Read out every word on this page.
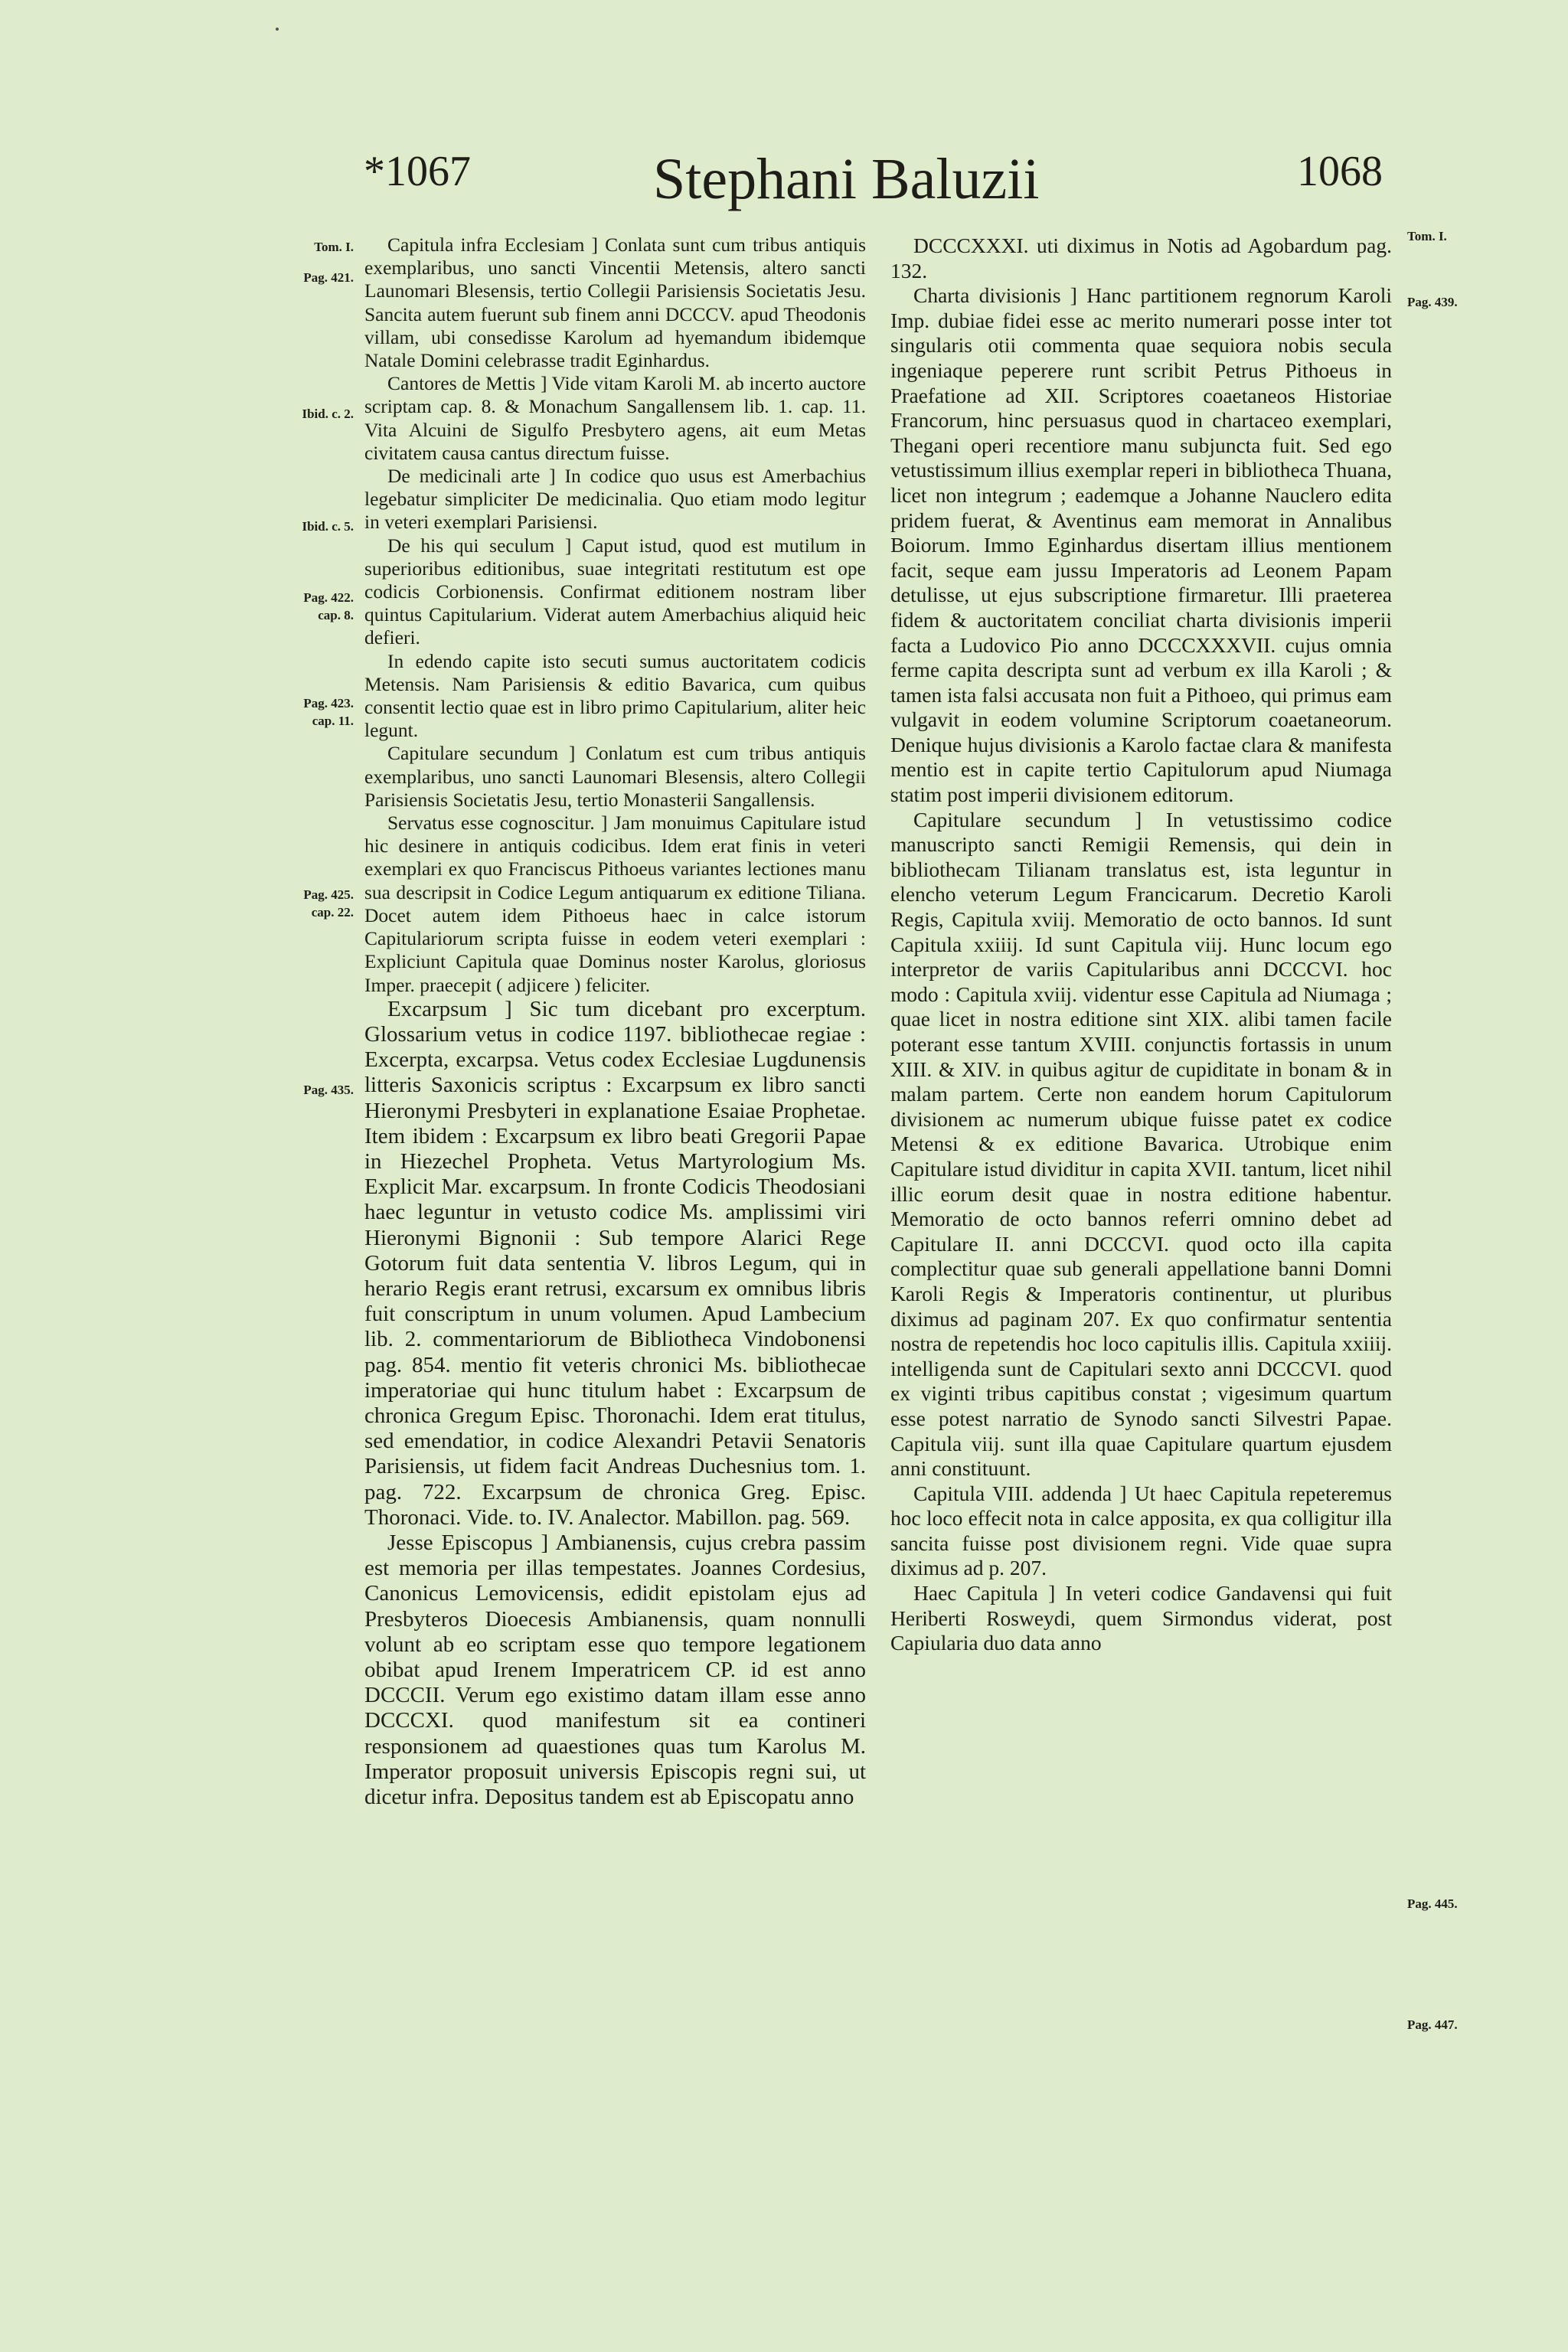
*1067	Stephani Baluzii	1068
Tom. I.
Pag. 421.
Ibid. c. 2.
Ibid. c. 5.
Pag. 422.
cap. 8.
Pag. 423.
cap. 11.
Pag. 425.
cap. 22.
Pag. 435.
Tom. I.
Pag. 439.
Pag. 445.
Pag. 447.

Capitula infra Ecclesiam ] Conlata sunt cum tribus antiquis exemplaribus, uno sancti Vincentii Metensis, altero sancti Launomari Blesensis, tertio Collegii Parisiensis Societatis Jesu. Sancita autem fuerunt sub finem anni DCCCV. apud Theodonis villam, ubi consedisse Karolum ad hyemandum ibidemque Natale Domini celebrasse tradit Eginhardus.

Cantores de Mettis ] Vide vitam Karoli M. ab incerto auctore scriptam cap. 8. & Monachum Sangallensem lib. 1. cap. 11. Vita Alcuini de Sigulfo Presbytero agens, ait eum Metas civitatem causa cantus directum fuisse.

De medicinali arte ] In codice quo usus est Amerbachius legebatur simpliciter De medicinalia. Quo etiam modo legitur in veteri exemplari Parisiensi.

De his qui seculum ] Caput istud, quod est mutilum in superioribus editionibus, suae integritati restitutum est ope codicis Corbionensis. Confirmat editionem nostram liber quintus Capitularium. Viderat autem Amerbachius aliquid heic defieri.

In edendo capite isto secuti sumus auctoritatem codicis Metensis. Nam Parisiensis & editio Bavarica, cum quibus consentit lectio quae est in libro primo Capitularium, aliter heic legunt.

Capitulare secundum ] Conlatum est cum tribus antiquis exemplaribus, uno sancti Launomari Blesensis, altero Collegii Parisiensis Societatis Jesu, tertio Monasterii Sangallensis.

Servatus esse cognoscitur. ] Jam monuimus Capitulare istud hic desinere in antiquis codicibus. Idem erat finis in veteri exemplari ex quo Franciscus Pithoeus variantes lectiones manu sua descripsit in Codice Legum antiquarum ex editione Tiliana. Docet autem idem Pithoeus haec in calce istorum Capitulariorum scripta fuisse in eodem veteri exemplari : Expliciunt Capitula quae Dominus noster Karolus, gloriosus Imper. praecepit ( adjicere ) feliciter.

Excarpsum ] Sic tum dicebant pro excerptum. Glossarium vetus in codice 1197. bibliothecae regiae : Excerpta, excarpsa. Vetus codex Ecclesiae Lugdunensis litteris Saxonicis scriptus : Excarpsum ex libro sancti Hieronymi Presbyteri in explanatione Esaiae Prophetae. Item ibidem : Excarpsum ex libro beati Gregorii Papae in Hiezechel Propheta. Vetus Martyrologium Ms. Explicit Mar. excarpsum. In fronte Codicis Theodosiani haec leguntur in vetusto codice Ms. amplissimi viri Hieronymi Bignonii : Sub tempore Alarici Rege Gotorum fuit data sententia V. libros Legum, qui in herario Regis erant retrusi, excarsum ex omnibus libris fuit conscriptum in unum volumen. Apud Lambecium lib. 2. commentariorum de Bibliotheca Vindobonensi pag. 854. mentio fit veteris chronici Ms. bibliothecae imperatoriae qui hunc titulum habet : Excarpsum de chronica Gregum Episc. Thoronachi. Idem erat titulus, sed emendatior, in codice Alexandri Petavii Senatoris Parisiensis, ut fidem facit Andreas Duchesnius tom. 1. pag. 722. Excarpsum de chronica Greg. Episc. Thoronaci. Vide. to. IV. Analector. Mabillon. pag. 569.

Jesse Episcopus ] Ambianensis, cujus crebra passim est memoria per illas tempestates. Joannes Cordesius, Canonicus Lemovicensis, edidit epistolam ejus ad Presbyteros Dioecesis Ambianensis, quam nonnulli volunt ab eo scriptam esse quo tempore legationem obibat apud Irenem Imperatricem CP. id est anno DCCCII. Verum ego existimo datam illam esse anno DCCCXI. quod manifestum sit ea contineri responsionem ad quaestiones quas tum Karolus M. Imperator proposuit universis Episcopis regni sui, ut dicetur infra. Depositus tandem est ab Episcopatu anno

DCCCXXXI. uti diximus in Notis ad Agobardum pag. 132.

Charta divisionis ] Hanc partitionem regnorum Karoli Imp. dubiae fidei esse ac merito numerari posse inter tot singularis otii commenta quae sequiora nobis secula ingeniaque peperere runt scribit Petrus Pithoeus in Praefatione ad XII. Scriptores coaetaneos Historiae Francorum, hinc persuasus quod in chartaceo exemplari, Thegani operi recentiore manu subjuncta fuit. Sed ego vetustissimum illius exemplar reperi in bibliotheca Thuana, licet non integrum ; eademque a Johanne Nauclero edita pridem fuerat, & Aventinus eam memorat in Annalibus Boiorum. Immo Eginhardus disertam illius mentionem facit, seque eam jussu Imperatoris ad Leonem Papam detulisse, ut ejus subscriptione firmaretur. Illi praeterea fidem & auctoritatem conciliat charta divisionis imperii facta a Ludovico Pio anno DCCCXXXVII. cujus omnia ferme capita descripta sunt ad verbum ex illa Karoli ; & tamen ista falsi accusata non fuit a Pithoeo, qui primus eam vulgavit in eodem volumine Scriptorum coaetaneorum. Denique hujus divisionis a Karolo factae clara & manifesta mentio est in capite tertio Capitulorum apud Niumaga statim post imperii divisionem editorum.

Capitulare secundum ] In vetustissimo codice manuscripto sancti Remigii Remensis, qui dein in bibliothecam Tilianam translatus est, ista leguntur in elencho veterum Legum Francicarum. Decretio Karoli Regis, Capitula xviij. Memoratio de octo bannos. Id sunt Capitula xxiiij. Id sunt Capitula viij. Hunc locum ego interpretor de variis Capitularibus anni DCCCVI. hoc modo : Capitula xviij. videntur esse Capitula ad Niumaga ; quae licet in nostra editione sint XIX. alibi tamen facile poterant esse tantum XVIII. conjunctis fortassis in unum XIII. & XIV. in quibus agitur de cupiditate in bonam & in malam partem. Certe non eandem horum Capitulorum divisionem ac numerum ubique fuisse patet ex codice Metensi & ex editione Bavarica. Utrobique enim Capitulare istud dividitur in capita XVII. tantum, licet nihil illic eorum desit quae in nostra editione habentur. Memoratio de octo bannos referri omnino debet ad Capitulare II. anni DCCCVI. quod octo illa capita complectitur quae sub generali appellatione banni Domni Karoli Regis & Imperatoris continentur, ut pluribus diximus ad paginam 207. Ex quo confirmatur sententia nostra de repetendis hoc loco capitulis illis. Capitula xxiiij. intelligenda sunt de Capitulari sexto anni DCCCVI. quod ex viginti tribus capitibus constat ; vigesimum quartum esse potest narratio de Synodo sancti Silvestri Papae. Capitula viij. sunt illa quae Capitulare quartum ejusdem anni constituunt.

Capitula VIII. addenda ] Ut haec Capitula repeteremus hoc loco effecit nota in calce apposita, ex qua colligitur illa sancita fuisse post divisionem regni. Vide quae supra diximus ad p. 207.

Haec Capitula ] In veteri codice Gandavensi qui fuit Heriberti Rosweydi, quem Sirmondus viderat, post Capiularia duo data anno
